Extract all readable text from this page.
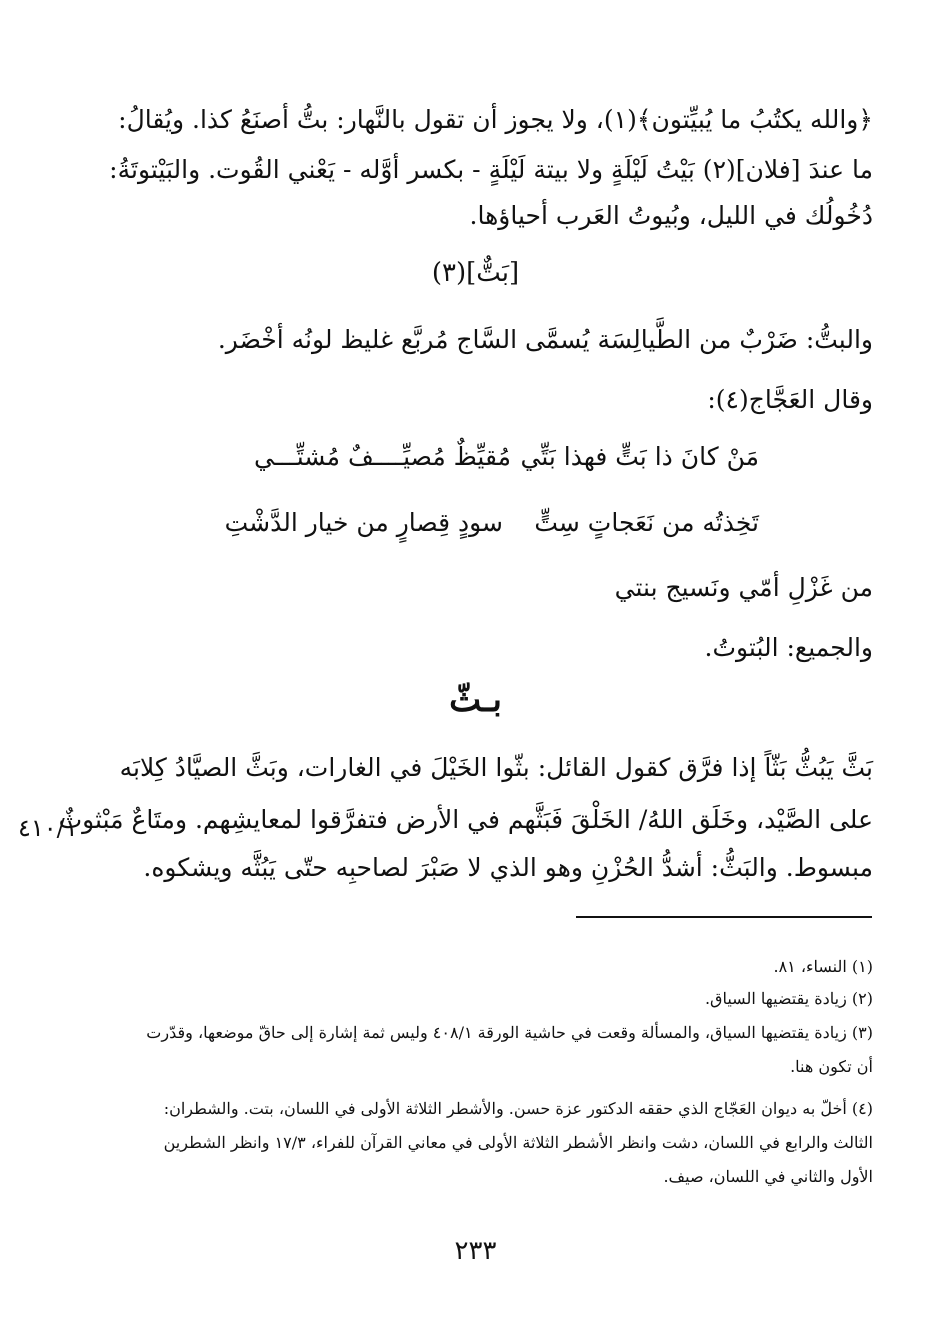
﴿والله يكتُبُ ما يُبيِّتون﴾(١)، ولا يجوز أن تقول بالنَّهار: بتُّ أصنَعُ كذا. ويُقالُ:
ما عندَ [فلان](٢) بَيْتُ لَيْلَةٍ ولا بيتة لَيْلَةٍ - بكسر أوَّله - يَعْني القُوت. والبَيْتوتَةُ:
دُخُولُك في الليل، وبُيوتُ العَرب أحياؤها.
[بَتٌّ](٣)
والبتُّ: ضَرْبٌ من الطَّيالِسَة يُسمَّى السَّاج مُربَّع غليظ لونُه أخْضَر.
وقال العَجَّاج(٤):
مَنْ كانَ ذا بَتٍّ فهذا بَتِّي
مُقيِّظٌ مُصيِّــــفٌ مُشتِّـــي
تَخِذتُه من نَعَجاتٍ سِتٍّ
سودٍ قِصارٍ من خيار الدَّشْتِ
من غَزْلِ أمّي ونَسيج بنتي
والجميع: البُتوتُ.
بـثّ
بَثَّ يَبُثُّ بَثّاً إذا فرَّق كقول القائل: بثّوا الخَيْلَ في الغارات، وبَثَّ الصيَّادُ كِلابَه
على الصَّيْد، وخَلَق اللهُ/ الخَلْقَ فَبَثَّهم في الأرض فتفرَّقوا لمعايشِهم. ومتَاعٌ مَبْثوثٌ
مبسوط. والبَثُّ: أشدُّ الحُزْنِ وهو الذي لا صَبْرَ لصاحبِه حتّى يَبُثَّه ويشكوه.
٤١٠/١
(١) النساء، ٨١.
(٢) زيادة يقتضيها السياق.
(٣) زيادة يقتضيها السياق، والمسألة وقعت في حاشية الورقة ٤٠٨/١ وليس ثمة إشارة إلى حاقّ موضعها، وقدّرت
أن تكون هنا.
(٤) أخلّ به ديوان العَجّاج الذي حققه الدكتور عزة حسن. والأشطر الثلاثة الأولى في اللسان، بتت. والشطران:
الثالث والرابع في اللسان، دشت وانظر الأشطر الثلاثة الأولى في معاني القرآن للفراء، ١٧/٣ وانظر الشطرين
الأول والثاني في اللسان، صيف.
٢٣٣
